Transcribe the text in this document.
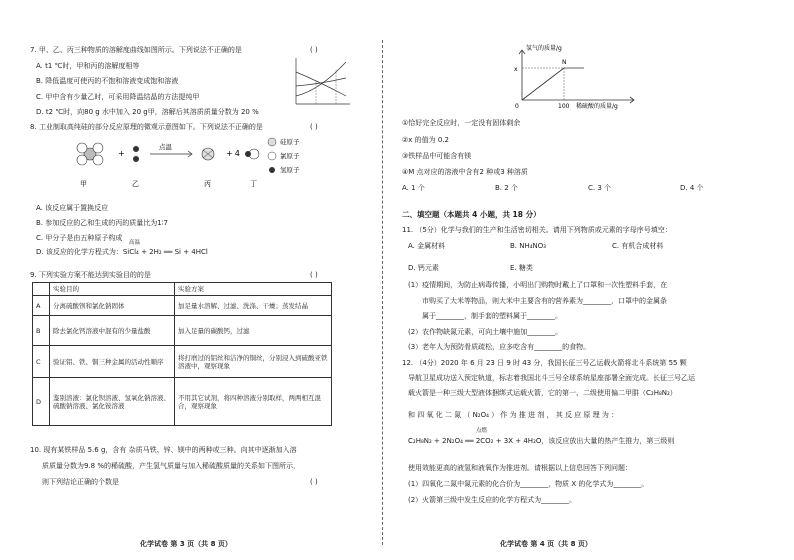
7. 甲、乙、丙三种物质的溶解度曲线如图所示。下列说法不正确的是	( )
A. t1 ℃时，甲和丙的溶解度相等
B. 降低温度可使丙的不饱和溶液变成饱和溶液
C. 甲中含有少量乙时，可采用降温结晶的方法提纯甲
D. t2 ℃时，向80 g 水中加入 20 g甲，溶解后其溶质质量分数为 20 %
8. 工业制取高纯硅的部分反应原理的微观示意图如下。下列说法不正确的是	( )
+
点温
+ 4
甲	乙	丙	丁
硅原子
氯原子
氢原子
A. 该反应属于置换反应
B. 参加反应的乙和生成的丙的质量比为1∶7
C. 甲分子是由五种原子构成
高温
D. 该反应的化学方程式为：SiCl₄ + 2H₂ ══ Si + 4HCl
9. 下列实验方案不能达到实验目的的是	( )
	实验目的	实验方案
A	分离硫酸钡和氯化钠固体	加足量水溶解、过滤、洗涤、干燥；蒸发结晶
B	除去氯化钙溶液中混有的少量盐酸	加入足量的碳酸钙，过滤
C	验证铝、铁、铜三种金属的活动性顺序	将打磨过的铝丝和洁净的铜丝，分别浸入到硫酸亚铁溶液中，观察现象
D	鉴别溶液：氯化钡溶液、氢氧化钠溶液、硫酸钠溶液、氯化铵溶液	不用其它试剂，将四种溶液分别取样，两两相互混合，观察现象
10. 现有某铁样品 5.6 g，含有 杂质马铁、锌、镁中的两种或三种。向其中逐渐加入溶
质质量分数为9.8 %的稀硫酸，产生氢气质量与加入稀硫酸质量的关系如下图所示，
则下列结论正确的个数是	( )
化学试卷 第 3 页（共 8 页）
氢气的质量/g
x
0	100 稀硫酸的质量/g
N
①恰好完全反应时，一定没有固体剩余
②x 的值为 0.2
③铁样品中可能含有镁
④M 点对应的溶液中含有2 种或3 种溶质
A. 1 个	B. 2 个	C. 3 个	D. 4 个
二、填空题（本题共 4 小题，共 18 分）
11. （5分）化学与我们的生产和生活密切相关。请用下列物质或元素的字母序号填空：
A. 金属材料	B. NH₄NO₃	C. 有机合成材料
D. 钙元素	E. 糖类
(1）疫情期间，为防止病毒传播，小明出门购物时戴上了口罩和一次性塑料手套，在
市购买了大米等物品，则大米中主要含有的营养素为________，口罩中的金属条
属于________，制手套的塑料属于________。
(2）农作物缺氮元素，可向土壤中施加________。
(3）老年人为预防骨质疏松，应多吃含有________的食物。
12. （4分）2020 年 6 月 23 日 9 时 43 分，我国长征三号乙运载火箭将北斗系统第 55 颗
导航卫星成功送入预定轨道，标志着我国北斗三号全球系统星座部署全面完成。长征三号乙运
载火箭是一种三级大型液体捆绑式运载火箭，它的第一、二级使用偏二甲肼（C₂H₈N₂）
和 四 氧 化 二 氮 （ N₂O₄ ） 作 为 推 进 剂 ， 其 反 应 原 理 为 ：
点燃
C₂H₈N₂ + 2N₂O₄ ══ 2CO₂ + 3X + 4H₂O，该反应放出大量的热产生推力，第三级则
使用效能更高的液氢和液氧作为推进剂。请根据以上信息回答下列问题：
(1）四氧化二氮中氮元素的化合价为________，物质 X 的化学式为________。
(2）火箭第三级中发生反应的化学方程式为________。
化学试卷 第 4 页（共 8 页）
